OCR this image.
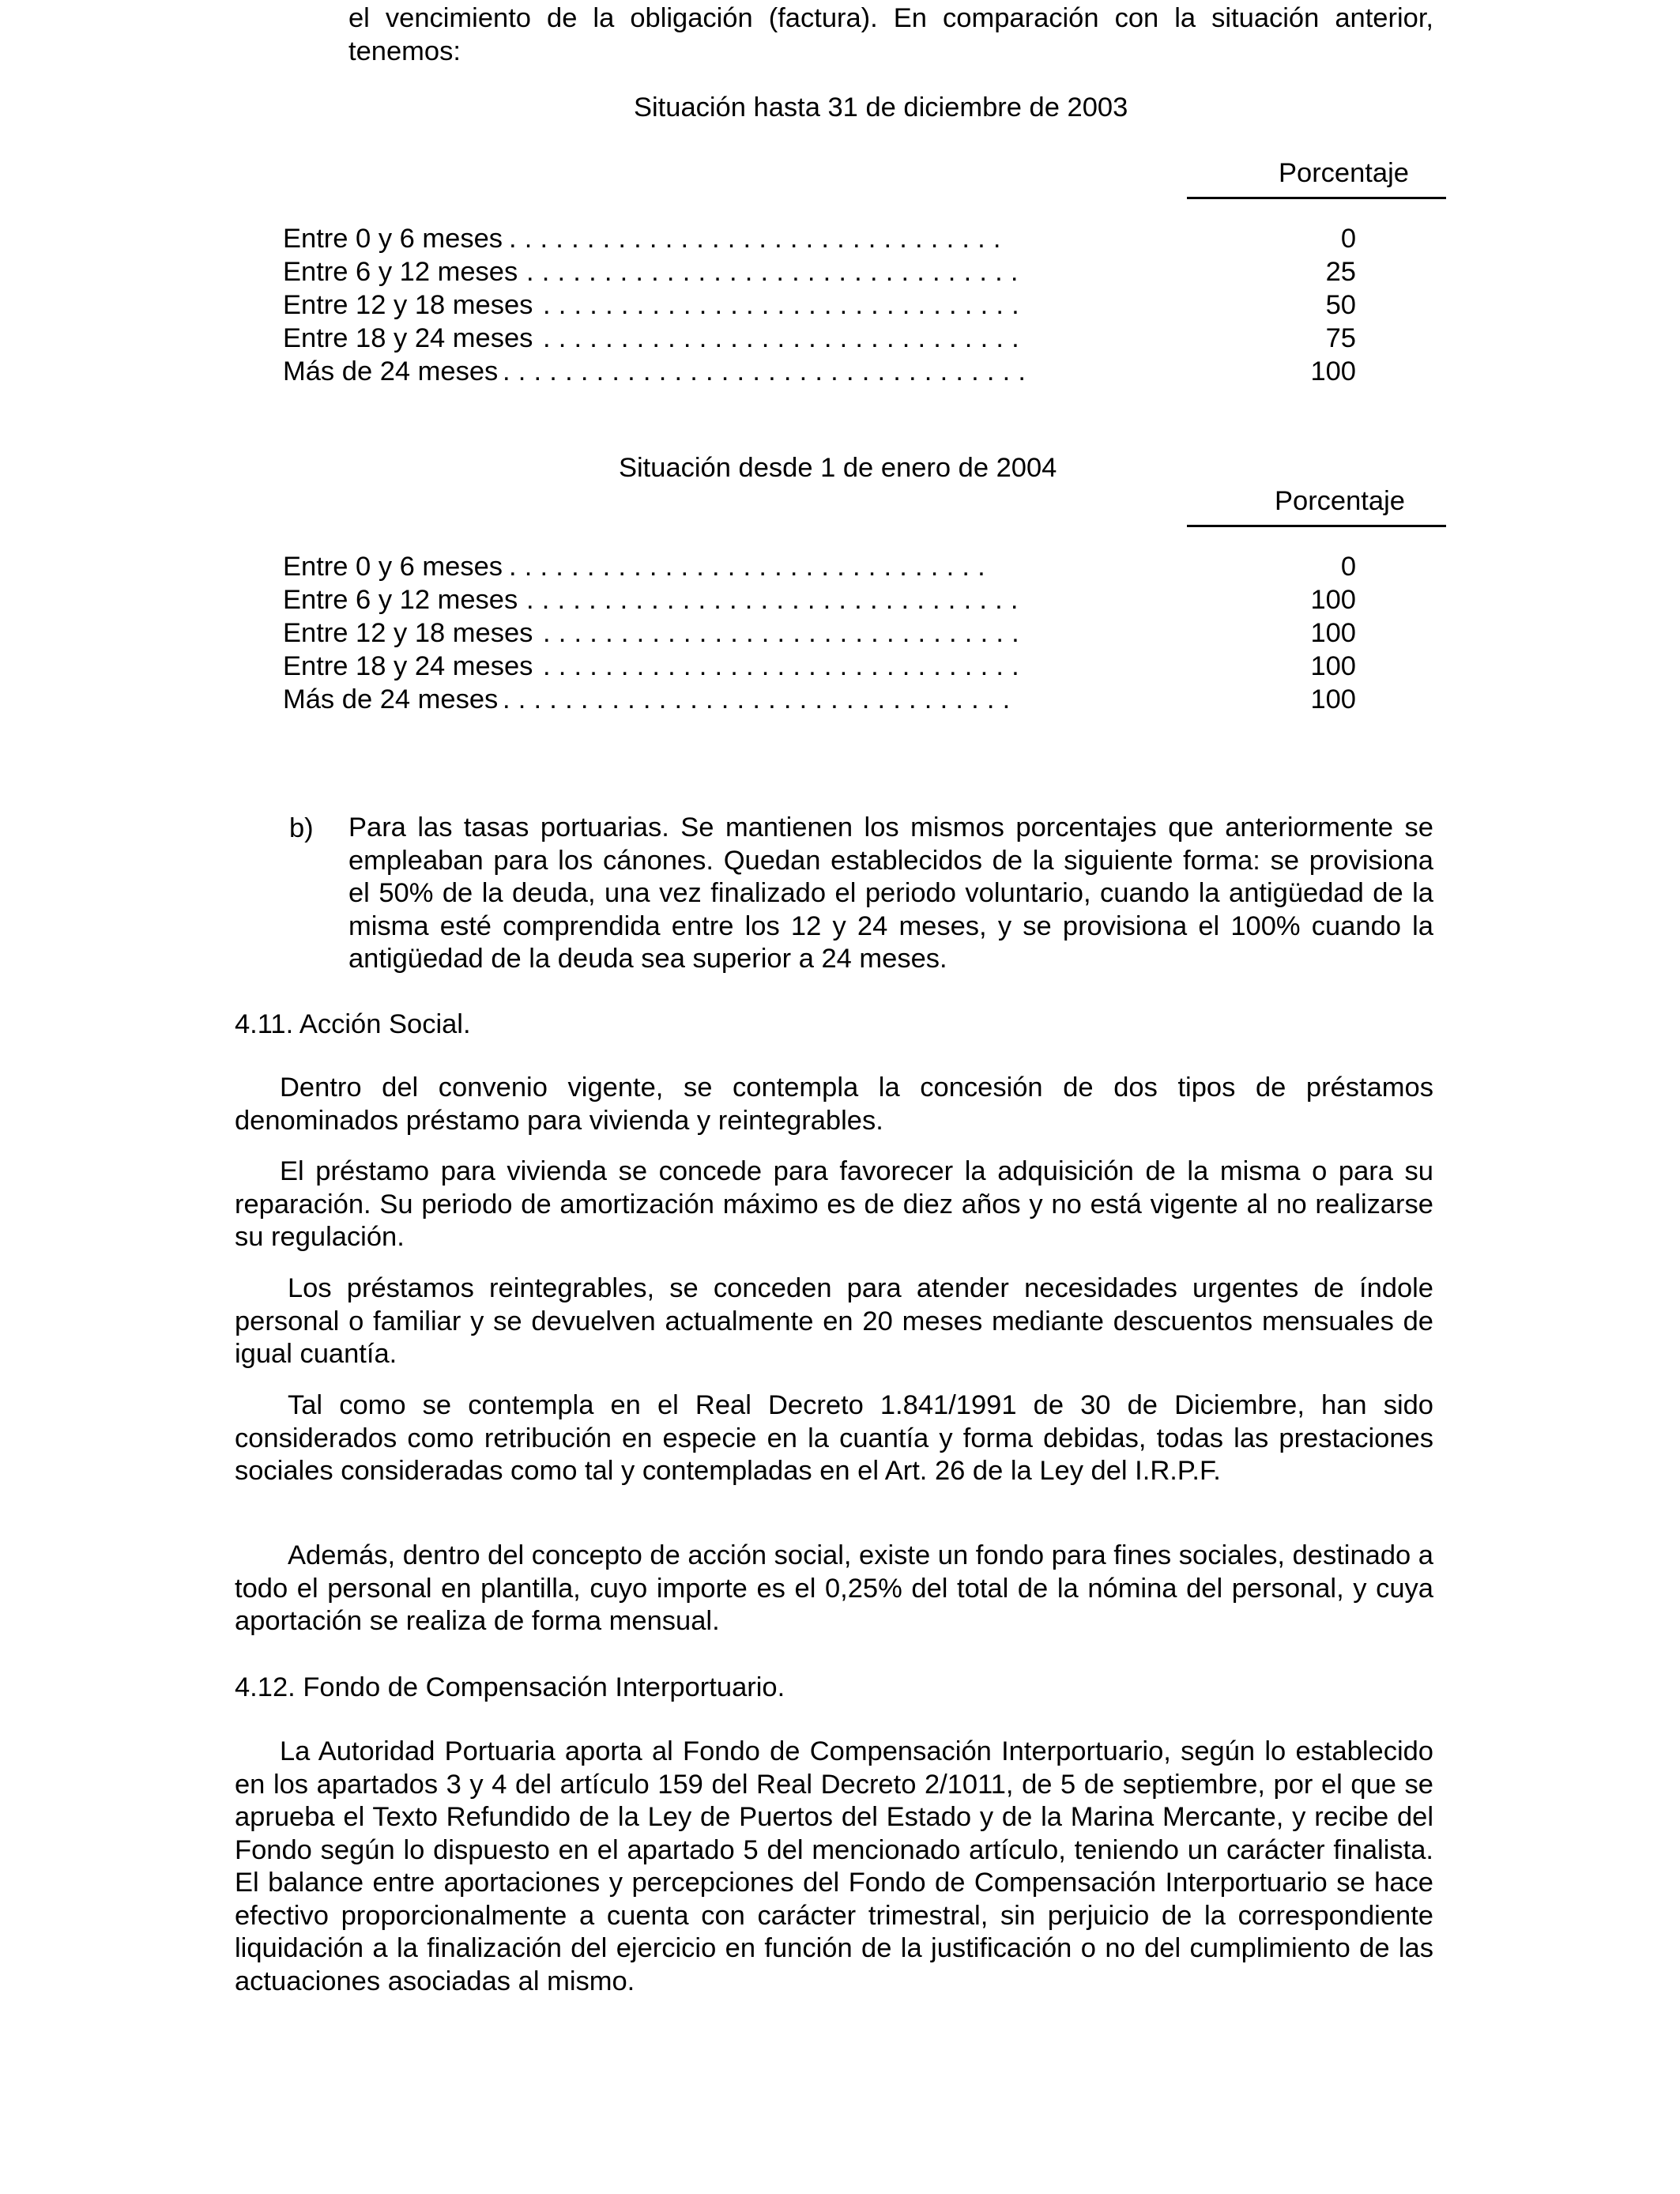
el vencimiento de la obligación (factura). En comparación con la situación anterior, tenemos:
Situación hasta 31 de diciembre de 2003
Porcentaje
Entre 0 y 6 meses . . . . . . . . . . . . . . . . . . . . . . . . . . . . . . . .	0
Entre 6 y 12 meses . . . . . . . . . . . . . . . . . . . . . . . . . . . . . . . .	25
Entre 12 y 18 meses . . . . . . . . . . . . . . . . . . . . . . . . . . . . . . .	50
Entre 18 y 24 meses . . . . . . . . . . . . . . . . . . . . . . . . . . . . . . .	75
Más de 24 meses . . . . . . . . . . . . . . . . . . . . . . . . . . . . . . . . . .	100
Situación desde 1 de enero de 2004
Porcentaje
Entre 0 y 6 meses . . . . . . . . . . . . . . . . . . . . . . . . . . . . . . .	0
Entre 6 y 12 meses . . . . . . . . . . . . . . . . . . . . . . . . . . . . . . . .	100
Entre 12 y 18 meses . . . . . . . . . . . . . . . . . . . . . . . . . . . . . . .	100
Entre 18 y 24 meses . . . . . . . . . . . . . . . . . . . . . . . . . . . . . . .	100
Más de 24 meses . . . . . . . . . . . . . . . . . . . . . . . . . . . . . . . . .	100
b) Para las tasas portuarias. Se mantienen los mismos porcentajes que anteriormente se empleaban para los cánones. Quedan establecidos de la siguiente forma: se provisiona el 50% de la deuda, una vez finalizado el periodo voluntario, cuando la antigüedad de la misma esté comprendida entre los 12 y 24 meses, y se provisiona el 100% cuando la antigüedad de la deuda sea superior a 24 meses.
4.11. Acción Social.
Dentro del convenio vigente, se contempla la concesión de dos tipos de préstamos denominados préstamo para vivienda y reintegrables.
El préstamo para vivienda se concede para favorecer la adquisición de la misma o para su reparación. Su periodo de amortización máximo es de diez años y no está vigente al no realizarse su regulación.
Los préstamos reintegrables, se conceden para atender necesidades urgentes de índole personal o familiar y se devuelven actualmente en 20 meses mediante descuentos mensuales de igual cuantía.
Tal como se contempla en el Real Decreto 1.841/1991 de 30 de Diciembre, han sido considerados como retribución en especie en la cuantía y forma debidas, todas las prestaciones sociales consideradas como tal y contempladas en el Art. 26 de la Ley del I.R.P.F.
Además, dentro del concepto de acción social, existe un fondo para fines sociales, destinado a todo el personal en plantilla, cuyo importe es el 0,25% del total de la nómina del personal, y cuya aportación se realiza de forma mensual.
4.12. Fondo de Compensación Interportuario.
La Autoridad Portuaria aporta al Fondo de Compensación Interportuario, según lo establecido en los apartados 3 y 4 del artículo 159 del Real Decreto 2/1011, de 5 de septiembre, por el que se aprueba el Texto Refundido de la Ley de Puertos del Estado y de la Marina Mercante, y recibe del Fondo según lo dispuesto en el apartado 5 del mencionado artículo, teniendo un carácter finalista. El balance entre aportaciones y percepciones del Fondo de Compensación Interportuario se hace efectivo proporcionalmente a cuenta con carácter trimestral, sin perjuicio de la correspondiente liquidación a la finalización del ejercicio en función de la justificación o no del cumplimiento de las actuaciones asociadas al mismo.
